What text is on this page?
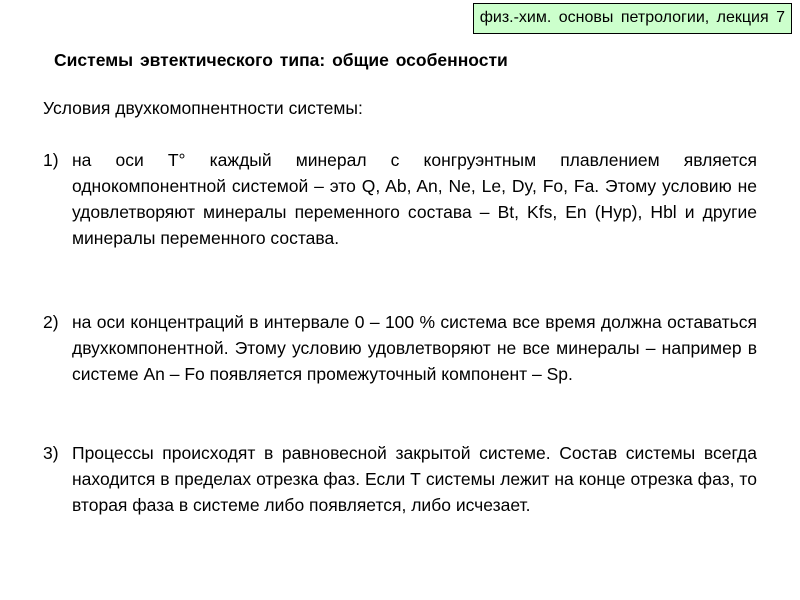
физ.-хим. основы петрологии, лекция 7
Системы эвтектического типа: общие особенности

Условия двухкомопнентности системы:

1) на оси Т° каждый минерал с конгруэнтным плавлением является однокомпонентной системой – это Q, Ab, An, Ne, Le, Dy, Fo, Fa. Этому условию не удовлетворяют минералы переменного состава – Bt, Kfs, En (Hyp), Hbl и другие минералы переменного состава.

2) на оси концентраций в интервале 0 – 100 % система все время должна оставаться двухкомпонентной. Этому условию удовлетворяют не все минералы – например в системе An – Fo появляется промежуточный компонент – Sp.

3) Процессы происходят в равновесной закрытой системе. Состав системы всегда находится в пределах отрезка фаз. Если Т системы лежит на конце отрезка фаз, то вторая фаза в системе либо появляется, либо исчезает.
